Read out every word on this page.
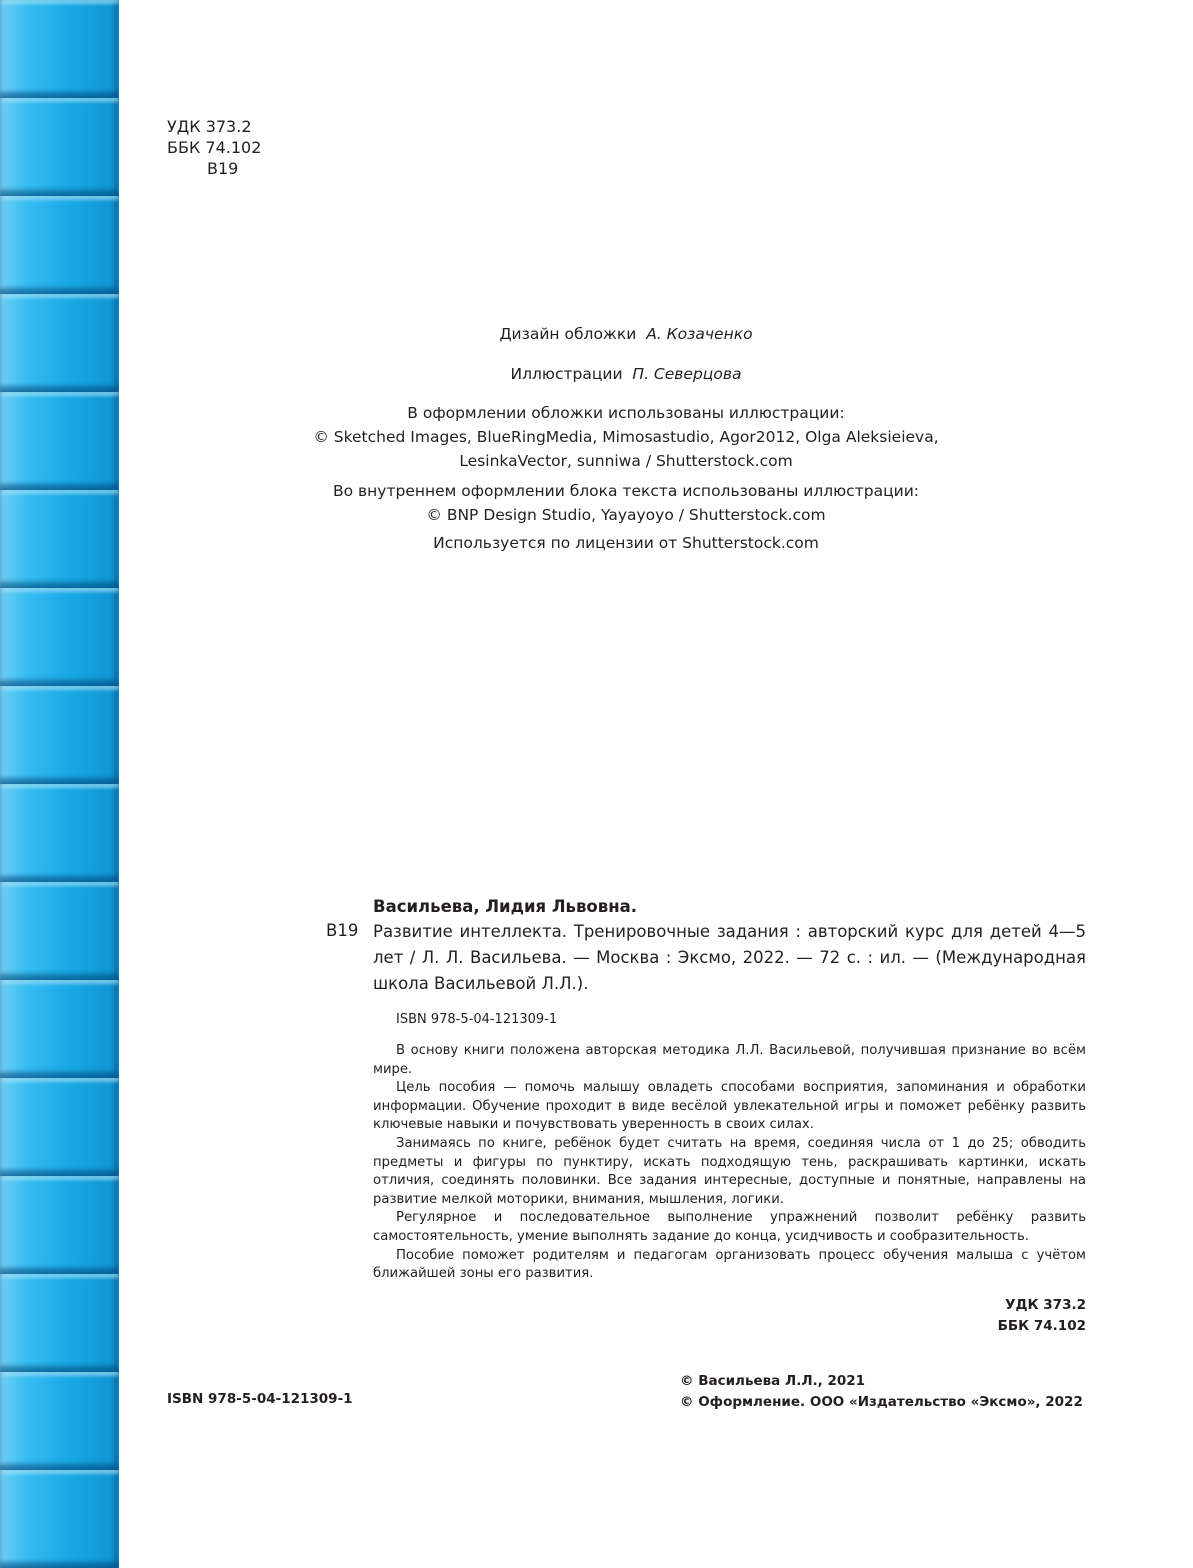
УДК 373.2
ББК 74.102
В19
Дизайн обложки А. Козаченко
Иллюстрации П. Северцова
В оформлении обложки использованы иллюстрации:
© Sketched Images, BlueRingMedia, Mimosastudio, Agor2012, Olga Aleksieieva,
LesinkaVector, sunniwa / Shutterstock.com
Во внутреннем оформлении блока текста использованы иллюстрации:
© BNP Design Studio, Yayayoyo / Shutterstock.com
Используется по лицензии от Shutterstock.com
Васильева, Лидия Львовна.
В19 Развитие интеллекта. Тренировочные задания : авторский курс для детей 4—5 лет / Л. Л. Васильева. — Москва : Эксмо, 2022. — 72 с. : ил. — (Международная школа Васильевой Л.Л.).
ISBN 978-5-04-121309-1

В основу книги положена авторская методика Л.Л. Васильевой, получившая признание во всём мире.

Цель пособия — помочь малышу овладеть способами восприятия, запоминания и обработки информации. Обучение проходит в виде весёлой увлекательной игры и поможет ребёнку развить ключевые навыки и почувствовать уверенность в своих силах.

Занимаясь по книге, ребёнок будет считать на время, соединяя числа от 1 до 25; обводить предметы и фигуры по пунктиру, искать подходящую тень, раскрашивать картинки, искать отличия, соединять половинки. Все задания интересные, доступные и понятные, направлены на развитие мелкой моторики, внимания, мышления, логики.

Регулярное и последовательное выполнение упражнений позволит ребёнку развить самостоятельность, умение выполнять задание до конца, усидчивость и сообразительность.

Пособие поможет родителям и педагогам организовать процесс обучения малыша с учётом ближайшей зоны его развития.

УДК 373.2
ББК 74.102
ISBN 978-5-04-121309-1
© Васильева Л.Л., 2021
© Оформление. ООО «Издательство «Эксмо», 2022
